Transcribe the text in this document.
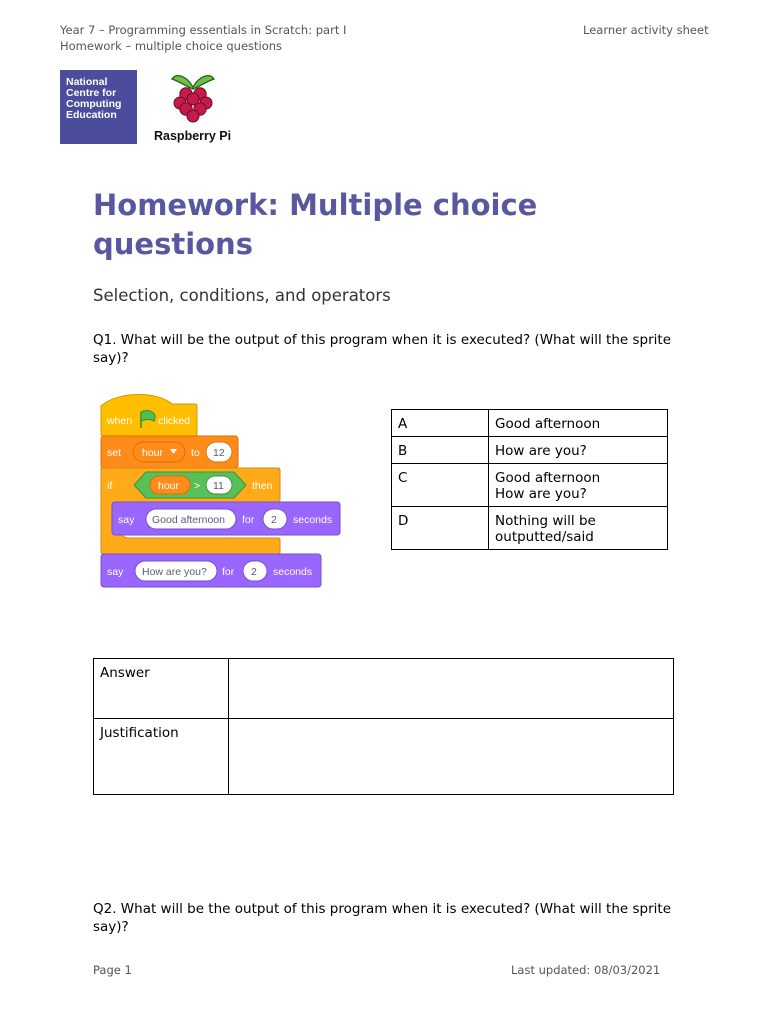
Year 7 – Programming essentials in Scratch: part I
Homework – multiple choice questions
Learner activity sheet
National
Centre for
Computing
Education
Raspberry Pi
Homework: Multiple choice
questions
Selection, conditions, and operators
Q1. What will be the output of this program when it is executed? (What will the sprite say)?
when clicked
set hour	to 12
if	hour > 11	then
say Good afternoon for 2 seconds
say How are you? for 2 seconds
A	Good afternoon

B	How are you?

C	Good afternoon
How are you?

D	Nothing will be
outputted/said
Answer	
Justification	
Q2. What will be the output of this program when it is executed? (What will the sprite say)?
Page 1	Last updated: 08/03/2021
